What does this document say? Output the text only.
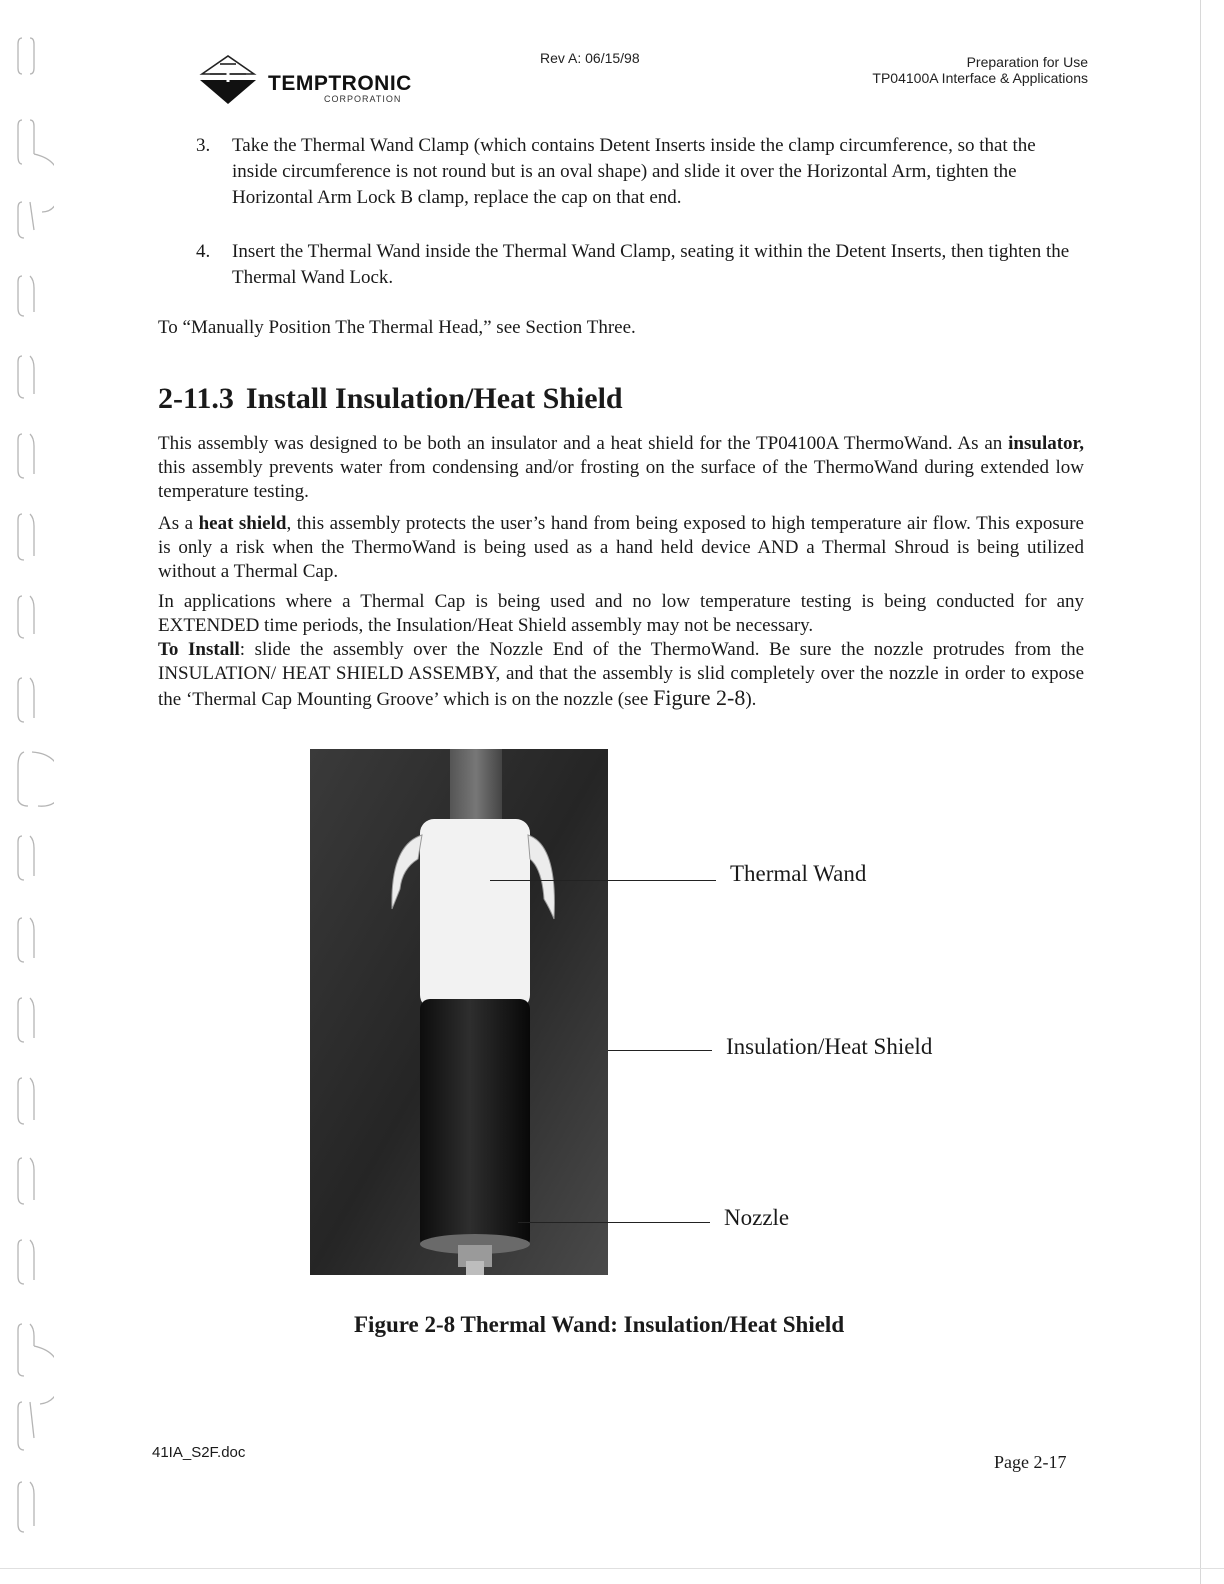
TEMPTRONIC
CORPORATION
Rev A: 06/15/98	Preparation for Use
TP04100A Interface & Applications
3. Take the Thermal Wand Clamp (which contains Detent Inserts inside the clamp circumference, so that the inside circumference is not round but is an oval shape) and slide it over the Horizontal Arm, tighten the Horizontal Arm Lock B clamp, replace the cap on that end.
4. Insert the Thermal Wand inside the Thermal Wand Clamp, seating it within the Detent Inserts, then tighten the Thermal Wand Lock.
To “Manually Position The Thermal Head,” see Section Three.
2-11.3 Install Insulation/Heat Shield
This assembly was designed to be both an insulator and a heat shield for the TP04100A ThermoWand. As an insulator, this assembly prevents water from condensing and/or frosting on the surface of the ThermoWand during extended low temperature testing.
As a heat shield, this assembly protects the user’s hand from being exposed to high temperature air flow. This exposure is only a risk when the ThermoWand is being used as a hand held device AND a Thermal Shroud is being utilized without a Thermal Cap.
In applications where a Thermal Cap is being used and no low temperature testing is being conducted for any EXTENDED time periods, the Insulation/Heat Shield assembly may not be necessary.
To Install: slide the assembly over the Nozzle End of the ThermoWand. Be sure the nozzle protrudes from the INSULATION/ HEAT SHIELD ASSEMBY, and that the assembly is slid completely over the nozzle in order to expose the ‘Thermal Cap Mounting Groove’ which is on the nozzle (see Figure 2-8).
Thermal Wand
Insulation/Heat Shield
Nozzle
Figure 2-8 Thermal Wand: Insulation/Heat Shield
41IA_S2F.doc	Page 2-17
